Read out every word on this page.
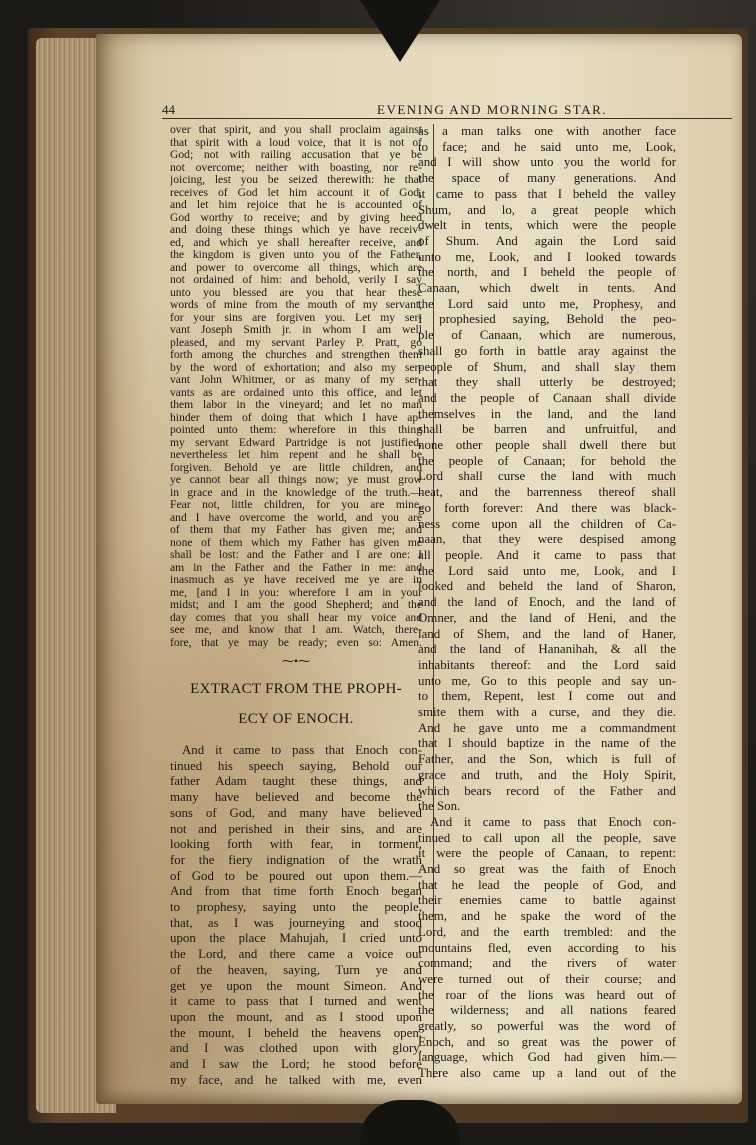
44	EVENING AND MORNING STAR.
over that spirit, and you shall proclaim against
that spirit with a loud voice, that it is not of
God; not with railing accusation that ye be
not overcome; neither with boasting, nor re-
joicing, lest you be seized therewith: he that
receives of God let him account it of God,
and let him rejoice that he is accounted of
God worthy to receive; and by giving heed
and doing these things which ye have receiv-
ed, and which ye shall hereafter receive, and
the kingdom is given unto you of the Father,
and power to overcome all things, which are
not ordained of him: and behold, verily I say
unto you blessed are you that hear these
words of mine from the mouth of my servant,
for your sins are forgiven you. Let my ser-
vant Joseph Smith jr. in whom I am well
pleased, and my servant Parley P. Pratt, go
forth among the churches and strengthen them
by the word of exhortation; and also my ser-
vant John Whitmer, or as many of my ser-
vants as are ordained unto this office, and let
them labor in the vineyard; and let no man
hinder them of doing that which I have ap-
pointed unto them: wherefore in this thing
my servant Edward Partridge is not justified,
nevertheless let him repent and he shall be
forgiven. Behold ye are little children, and
ye cannot bear all things now; ye must grow
in grace and in the knowledge of the truth.—
Fear not, little children, for you are mine,
and I have overcome the world, and you are
of them that my Father has given me; and
none of them which my Father has given me
shall be lost: and the Father and I are one: I
am in the Father and the Father in me: and
inasmuch as ye have received me ye are in
me, [and I in you: wherefore I am in your
midst; and I am the good Shepherd; and the
day comes that you shall hear my voice and
see me, and know that I am. Watch, there-
fore, that ye may be ready; even so: Amen.
⁓•⁓
EXTRACT FROM THE PROPH-
ECY OF ENOCH.
And it came to pass that Enoch con-
tinued his speech saying, Behold our
father Adam taught these things, and
many have believed and become the
sons of God, and many have believed
not and perished in their sins, and are
looking forth with fear, in torment,
for the fiery indignation of the wrath
of God to be poured out upon them.—
And from that time forth Enoch began
to prophesy, saying unto the people,
that, as I was journeying and stood
upon the place Mahujah, I cried unto
the Lord, and there came a voice out
of the heaven, saying, Turn ye and
get ye upon the mount Simeon. And
it came to pass that I turned and went
upon the mount, and as I stood upon
the mount, I beheld the heavens open,
and I was clothed upon with glory,
and I saw the Lord; he stood before
my face, and he talked with me, even
as a man talks one with another face
to face; and he said unto me, Look,
and I will show unto you the world for
the space of many generations. And
it came to pass that I beheld the valley
Shum, and lo, a great people which
dwelt in tents, which were the people
of Shum. And again the Lord said
unto me, Look, and I looked towards
the north, and I beheld the people of
Canaan, which dwelt in tents. And
the Lord said unto me, Prophesy, and
I prophesied saying, Behold the peo-
ple of Canaan, which are numerous,
shall go forth in battle aray against the
people of Shum, and shall slay them
that they shall utterly be destroyed;
and the people of Canaan shall divide
themselves in the land, and the land
shall be barren and unfruitful, and
none other people shall dwell there but
the people of Canaan; for behold the
Lord shall curse the land with much
heat, and the barrenness thereof shall
go forth forever: And there was black-
ness come upon all the children of Ca-
naan, that they were despised among
all people. And it came to pass that
the Lord said unto me, Look, and I
looked and beheld the land of Sharon,
and the land of Enoch, and the land of
Omner, and the land of Heni, and the
land of Shem, and the land of Haner,
and the land of Hananihah, & all the
inhabitants thereof: and the Lord said
unto me, Go to this people and say un-
to them, Repent, lest I come out and
smite them with a curse, and they die.
And he gave unto me a commandment
that I should baptize in the name of the
Father, and the Son, which is full of
grace and truth, and the Holy Spirit,
which bears record of the Father and
the Son.
And it came to pass that Enoch con-
tinued to call upon all the people, save
it were the people of Canaan, to repent:
And so great was the faith of Enoch
that he lead the people of God, and
their enemies came to battle against
them, and he spake the word of the
Lord, and the earth trembled: and the
mountains fled, even according to his
command; and the rivers of water
were turned out of their course; and
the roar of the lions was heard out of
the wilderness; and all nations feared
greatly, so powerful was the word of
Enoch, and so great was the power of
language, which God had given him.—
There also came up a land out of the
